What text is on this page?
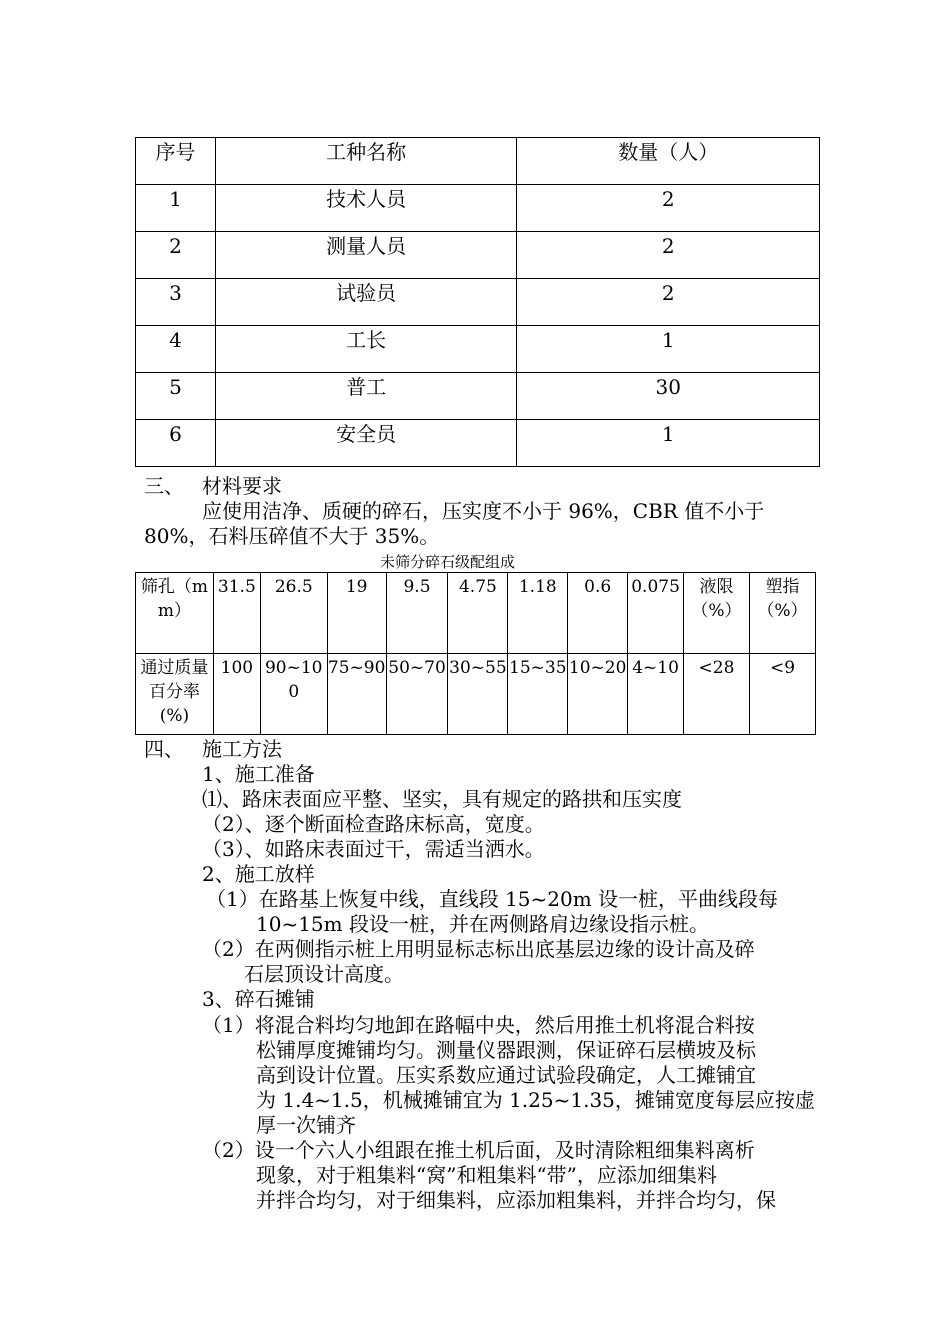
序号	工种名称	数量（人）
1	技术人员	2
2	测量人员	2
3	试验员	2
4	工长	1
5	普工	30
6	安全员	1
三、 材料要求
应使用洁净、质硬的碎石，压实度不小于 96%，CBR 值不小于
80%，石料压碎值不大于 35%。
未筛分碎石级配组成
筛孔（mm）	31.5	26.5	19	9.5	4.75	1.18	0.6	0.075	液限（%）	塑指（%）
通过质量百分率(%)	100	90~100	75~90	50~70	30~55	15~35	10~20	4~10	<28	<9
四、 施工方法
1、施工准备
⑴、路床表面应平整、坚实，具有规定的路拱和压实度
（2）、逐个断面检查路床标高，宽度。
（3）、如路床表面过干，需适当洒水。
2、施工放样
（1）在路基上恢复中线，直线段 15~20m 设一桩，平曲线段每
10~15m 段设一桩，并在两侧路肩边缘设指示桩。
（2）在两侧指示桩上用明显标志标出底基层边缘的设计高及碎
石层顶设计高度。
3、碎石摊铺
（1）将混合料均匀地卸在路幅中央，然后用推土机将混合料按
松铺厚度摊铺均匀。测量仪器跟测，保证碎石层横坡及标
高到设计位置。压实系数应通过试验段确定，人工摊铺宜
为 1.4~1.5，机械摊铺宜为 1.25~1.35，摊铺宽度每层应按虚
厚一次铺齐
（2）设一个六人小组跟在推土机后面，及时清除粗细集料离析
现象，对于粗集料“窝”和粗集料“带”，应添加细集料
并拌合均匀，对于细集料，应添加粗集料，并拌合均匀，保
